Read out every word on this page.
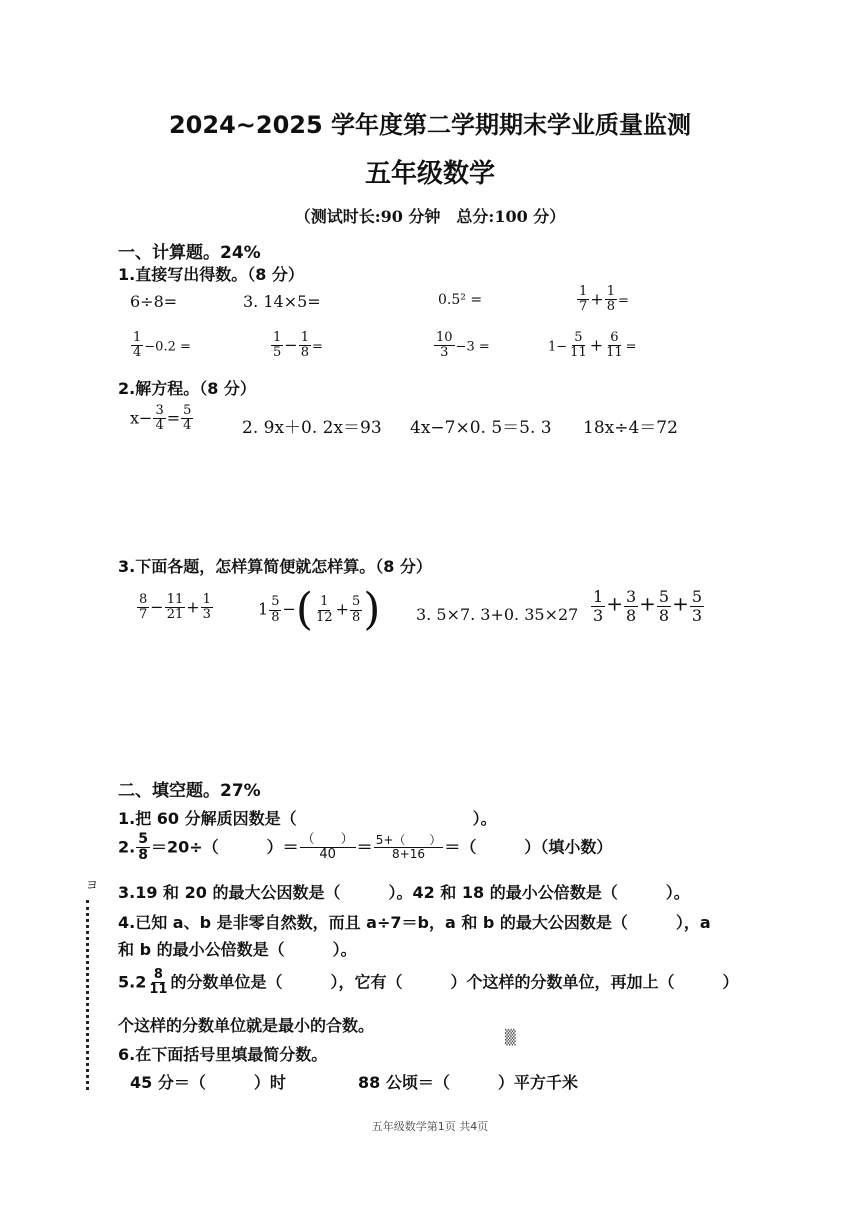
2024~2025 学年度第二学期期末学业质量监测
五年级数学
（测试时长:90 分钟　总分:100 分）
一、计算题。24%
1.直接写出得数。（8 分）
6÷8=	3. 14×5=	0.5² =	$\frac{1}{7} + \frac{1}{8}$ =
$\frac{1}{4} -0.2$ =	$\frac{1}{5} - \frac{1}{8}$ =	$\frac{10}{3} -3$ =	$1- \frac{5}{11} + \frac{6}{11}$ =
2.解方程。（8 分）
$x- \frac{3}{4} = \frac{5}{4}$	2. 9x＋0. 2x＝93 4x−7×0. 5＝5. 3 18x÷4＝72
3.下面各题，怎样算简便就怎样算。（8 分）
$\frac{8}{7} - \frac{11}{21} + \frac{1}{3}$	$1 \frac{5}{8}$ −( $\frac{1}{12} + \frac{5}{8}$ ) 3. 5×7. 3+0. $35\times 27 \frac{1}{3} + \frac{3}{8} + \frac{5}{8} + \frac{5}{3}$
二、填空题。27%
1.把 60 分解质因数是（　　　　　　　　　　　）。
2. $\frac{5}{8} =20\div$（　　　）＝ $\frac{( )}{40} = \frac{5+( )}{8+16}$ ＝（　　　）（填小数）
3.19 和 20 的最大公因数是（　　　）。42 和 18 的最小公倍数是（　　　）。
4.已知 a、b 是非零自然数，而且 a÷7＝b，a 和 b 的最大公因数是（　　　），a
和 b 的最小公倍数是（　　　）。
$5.2 \frac{8}{11}$ 的分数单位是（　　　），它有（　　　）个这样的分数单位，再加上（　　　）
个这样的分数单位就是最小的合数。
6.在下面括号里填最简分数。
45 分＝（　　　）时	88 公顷＝（　　　）平方千米
▒
ヨ
五年级数学第1页 共4页
